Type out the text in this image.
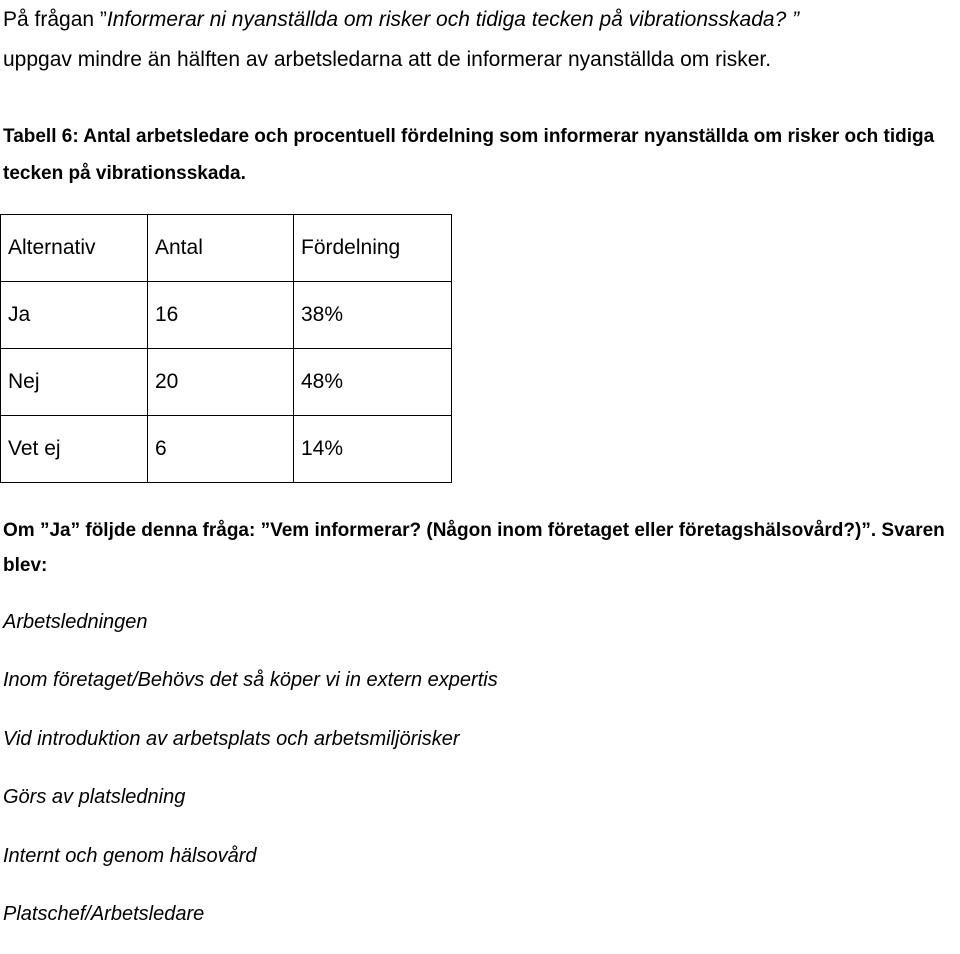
På frågan ”Informerar ni nyanställda om risker och tidiga tecken på vibrationsskada? ”
uppgav mindre än hälften av arbetsledarna att de informerar nyanställda om risker.
Tabell 6: Antal arbetsledare och procentuell fördelning som informerar nyanställda om risker och tidiga tecken på vibrationsskada.
Alternativ	Antal	Fördelning
Ja	16	38%
Nej	20	48%
Vet ej	6	14%
Om ”Ja” följde denna fråga: ”Vem informerar? (Någon inom företaget eller företagshälsovård?)”. Svaren blev:
Arbetsledningen
Inom företaget/Behövs det så köper vi in extern expertis
Vid introduktion av arbetsplats och arbetsmiljörisker
Görs av platsledning
Internt och genom hälsovård
Platschef/Arbetsledare
